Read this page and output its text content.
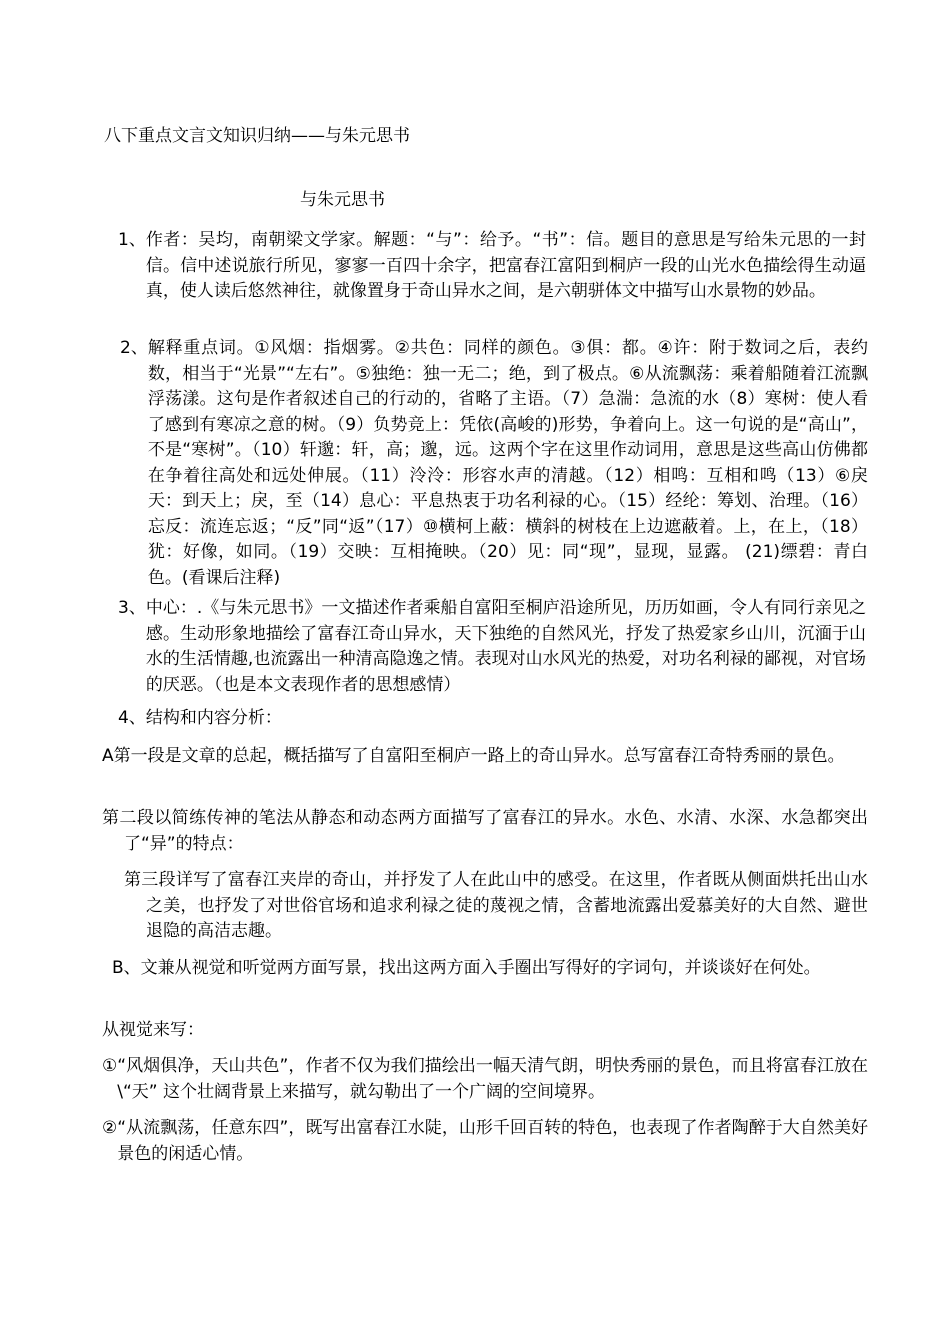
八下重点文言文知识归纳——与朱元思书
与朱元思书
1、 作者：吴均，南朝梁文学家。解题：“与”：给予。“书”：信。题目的意思是写给朱元思的一封信。信中述说旅行所见，寥寥一百四十余字，把富春江富阳到桐庐一段的山光水色描绘得生动逼真，使人读后悠然神往，就像置身于奇山异水之间，是六朝骈体文中描写山水景物的妙品。
2、 解释重点词。①风烟：指烟雾。②共色：同样的颜色。③俱：都。④许：附于数词之后，表约数，相当于“光景”“左右”。⑤独绝：独一无二；绝，到了极点。⑥从流飘荡：乘着船随着江流飘浮荡漾。这句是作者叙述自己的行动的，省略了主语。（7）急湍：急流的水（8）寒树：使人看了感到有寒凉之意的树。（9）负势竞上：凭依(高峻的)形势，争着向上。这一句说的是“高山”，不是“寒树”。（10）轩邈：轩，高；邈，远。这两个字在这里作动词用，意思是这些高山仿佛都在争着往高处和远处伸展。（11）泠泠：形容水声的清越。（12）相鸣：互相和鸣（13）⑥戾天：到天上；戾，至（14）息心：平息热衷于功名利禄的心。（15）经纶：筹划、治理。（16）忘反：流连忘返；“反”同“返”（17）⑩横柯上蔽：横斜的树枝在上边遮蔽着。上，在上，（18）犹：好像，如同。（19）交映：互相掩映。（20）见：同“现”，显现，显露。 (21)缥碧：青白色。(看课后注释)
3、 中心：.《与朱元思书》一文描述作者乘船自富阳至桐庐沿途所见，历历如画，令人有同行亲见之感。生动形象地描绘了富春江奇山异水，天下独绝的自然风光，抒发了热爱家乡山川，沉湎于山水的生活情趣,也流露出一种清高隐逸之情。表现对山水风光的热爱，对功名利禄的鄙视，对官场的厌恶。（也是本文表现作者的思想感情）
4、 结构和内容分析：
A 第一段是文章的总起，概括描写了自富阳至桐庐一路上的奇山异水。总写富春江奇特秀丽的景色。
第二段以简练传神的笔法从静态和动态两方面描写了富春江的异水。水色、水清、水深、水急都突出了“异”的特点：
第三段详写了富春江夹岸的奇山，并抒发了人在此山中的感受。在这里，作者既从侧面烘托出山水之美，也抒发了对世俗官场和追求利禄之徒的蔑视之情，含蓄地流露出爱慕美好的大自然、避世退隐的高洁志趣。
B、 文兼从视觉和听觉两方面写景，找出这两方面入手圈出写得好的字词句，并谈谈好在何处。
从视觉来写：
① “风烟俱净，天山共色”，作者不仅为我们描绘出一幅天清气朗，明快秀丽的景色，而且将富春江放在\“天” 这个壮阔背景上来描写，就勾勒出了一个广阔的空间境界。
② “从流飘荡，任意东四”，既写出富春江水陡，山形千回百转的特色，也表现了作者陶醉于大自然美好景色的闲适心情。
